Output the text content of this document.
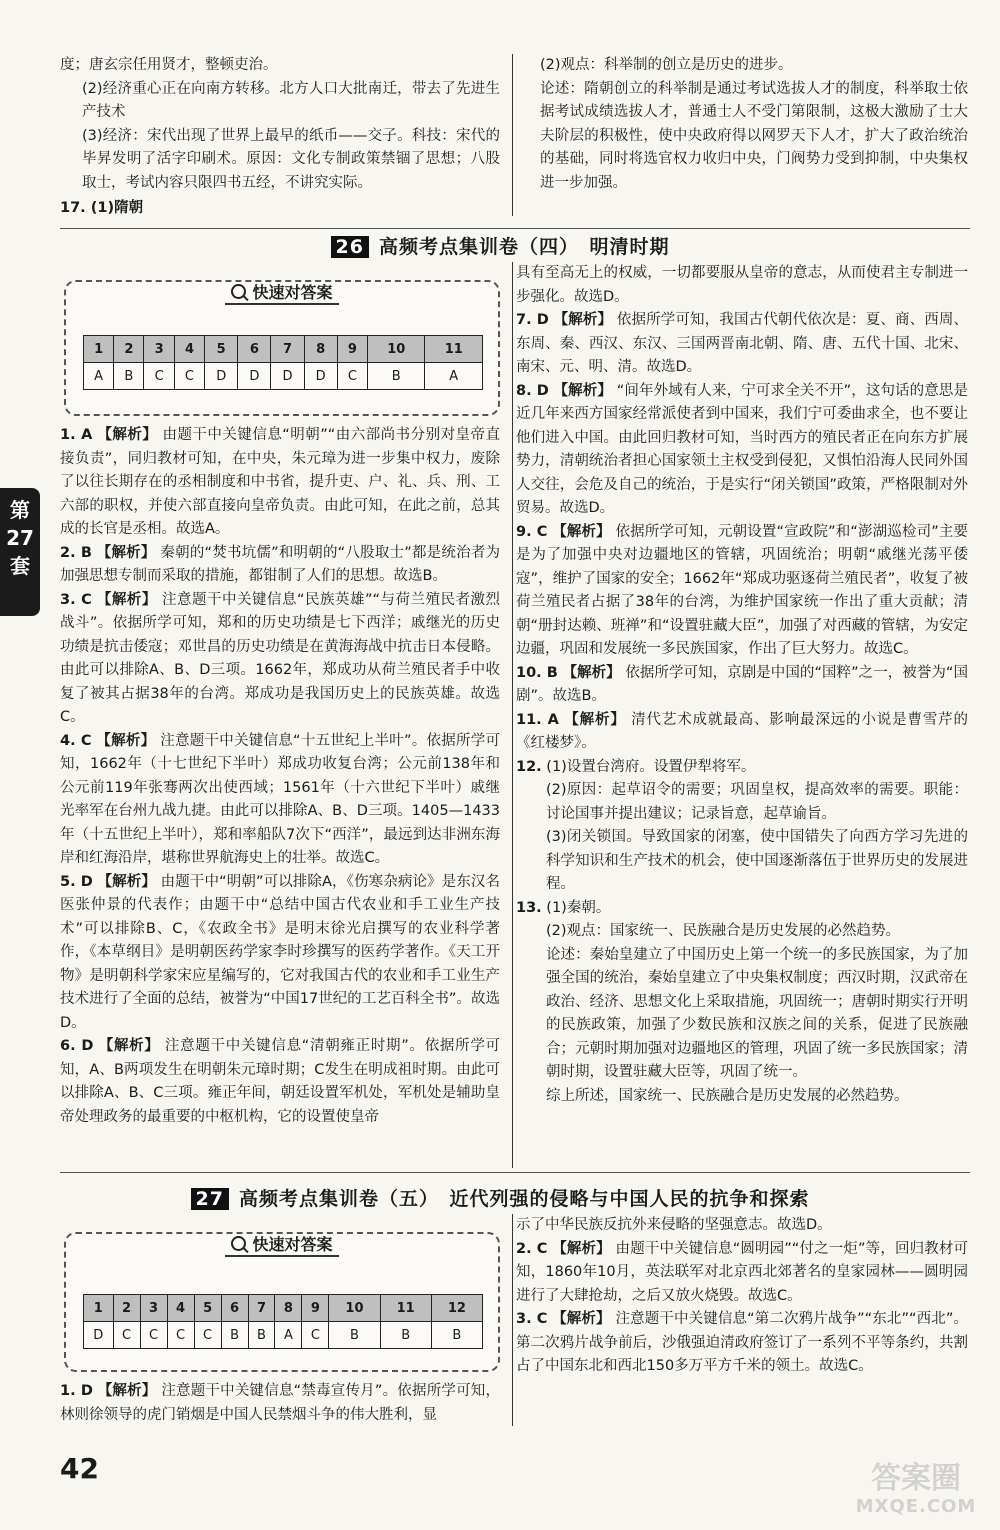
度；唐玄宗任用贤才，整顿吏治。

(2)经济重心正在向南方转移。北方人口大批南迁，带去了先进生产技术

(3)经济：宋代出现了世界上最早的纸币——交子。科技：宋代的毕昇发明了活字印刷术。原因：文化专制政策禁锢了思想；八股取士，考试内容只限四书五经，不讲究实际。

17. (1)隋朝

(2)观点：科举制的创立是历史的进步。

论述：隋朝创立的科举制是通过考试选拔人才的制度，科举取士依据考试成绩选拔人才，普通士人不受门第限制，这极大激励了士大夫阶层的积极性，使中央政府得以网罗天下人才，扩大了政治统治的基础，同时将选官权力收归中央，门阀势力受到抑制，中央集权进一步加强。

26 高频考点集训卷（四）　明清时期
快速对答案
1	2	3	4	5	6	7	8	9	10	11
A	B	C	C	D	D	D	D	C	B	A

1. A 【解析】 由题干中关键信息“明朝”“由六部尚书分别对皇帝直接负责”，同归教材可知，在中央，朱元璋为进一步集中权力，废除了以往长期存在的丞相制度和中书省，提升吏、户、礼、兵、刑、工六部的职权，并使六部直接向皇帝负责。由此可知，在此之前，总其成的长官是丞相。故选A。

2. B 【解析】 秦朝的“焚书坑儒”和明朝的“八股取士”都是统治者为加强思想专制而采取的措施，都钳制了人们的思想。故选B。

3. C 【解析】 注意题干中关键信息“民族英雄”“与荷兰殖民者激烈战斗”。依据所学可知，郑和的历史功绩是七下西洋；戚继光的历史功绩是抗击倭寇；邓世昌的历史功绩是在黄海海战中抗击日本侵略。由此可以排除A、B、D三项。1662年，郑成功从荷兰殖民者手中收复了被其占据38年的台湾。郑成功是我国历史上的民族英雄。故选C。

4. C 【解析】 注意题干中关键信息“十五世纪上半叶”。依据所学可知，1662年（十七世纪下半叶）郑成功收复台湾；公元前138年和公元前119年张骞两次出使西域；1561年（十六世纪下半叶）戚继光率军在台州九战九捷。由此可以排除A、B、D三项。1405—1433年（十五世纪上半叶），郑和率船队7次下“西洋”，最远到达非洲东海岸和红海沿岸，堪称世界航海史上的壮举。故选C。

5. D 【解析】 由题干中“明朝”可以排除A，《伤寒杂病论》是东汉名医张仲景的代表作；由题干中“总结中国古代农业和手工业生产技术”可以排除B、C，《农政全书》是明末徐光启撰写的农业科学著作，《本草纲目》是明朝医药学家李时珍撰写的医药学著作。《天工开物》是明朝科学家宋应星编写的，它对我国古代的农业和手工业生产技术进行了全面的总结，被誉为“中国17世纪的工艺百科全书”。故选D。

6. D 【解析】 注意题干中关键信息“清朝雍正时期”。依据所学可知，A、B两项发生在明朝朱元璋时期；C发生在明成祖时期。由此可以排除A、B、C三项。雍正年间，朝廷设置军机处，军机处是辅助皇帝处理政务的最重要的中枢机构，它的设置使皇帝

具有至高无上的权威，一切都要服从皇帝的意志，从而使君主专制进一步强化。故选D。

7. D 【解析】 依据所学可知，我国古代朝代依次是：夏、商、西周、东周、秦、西汉、东汉、三国两晋南北朝、隋、唐、五代十国、北宋、南宋、元、明、清。故选D。

8. D 【解析】 “间年外域有人来，宁可求全关不开”，这句话的意思是近几年来西方国家经常派使者到中国来，我们宁可委曲求全，也不要让他们进入中国。由此回归教材可知，当时西方的殖民者正在向东方扩展势力，清朝统治者担心国家领土主权受到侵犯，又惧怕沿海人民同外国人交往，会危及自己的统治，于是实行“闭关锁国”政策，严格限制对外贸易。故选D。

9. C 【解析】 依据所学可知，元朝设置“宣政院”和“澎湖巡检司”主要是为了加强中央对边疆地区的管辖，巩固统治；明朝“戚继光荡平倭寇”，维护了国家的安全；1662年“郑成功驱逐荷兰殖民者”，收复了被荷兰殖民者占据了38年的台湾，为维护国家统一作出了重大贡献；清朝“册封达赖、班禅”和“设置驻藏大臣”，加强了对西藏的管辖，为安定边疆，巩固和发展统一多民族国家，作出了巨大努力。故选C。

10. B 【解析】 依据所学可知，京剧是中国的“国粹”之一，被誉为“国剧”。故选B。

11. A 【解析】 清代艺术成就最高、影响最深远的小说是曹雪芹的《红楼梦》。

12. (1)设置台湾府。设置伊犁将军。

(2)原因：起草诏令的需要；巩固皇权，提高效率的需要。职能：讨论国事并提出建议；记录旨意，起草谕旨。

(3)闭关锁国。导致国家的闭塞，使中国错失了向西方学习先进的科学知识和生产技术的机会，使中国逐渐落伍于世界历史的发展进程。

13. (1)秦朝。

(2)观点：国家统一、民族融合是历史发展的必然趋势。

论述：秦始皇建立了中国历史上第一个统一的多民族国家，为了加强全国的统治，秦始皇建立了中央集权制度；西汉时期，汉武帝在政治、经济、思想文化上采取措施，巩固统一；唐朝时期实行开明的民族政策，加强了少数民族和汉族之间的关系，促进了民族融合；元朝时期加强对边疆地区的管理，巩固了统一多民族国家；清朝时期，设置驻藏大臣等，巩固了统一。

综上所述，国家统一、民族融合是历史发展的必然趋势。

27 高频考点集训卷（五）　近代列强的侵略与中国人民的抗争和探索
快速对答案
1	2	3	4	5	6	7	8	9	10	11	12
D	C	C	C	C	B	B	A	C	B	B	B

1. D 【解析】 注意题干中关键信息“禁毒宣传月”。依据所学可知，林则徐领导的虎门销烟是中国人民禁烟斗争的伟大胜利，显

示了中华民族反抗外来侵略的坚强意志。故选D。

2. C 【解析】 由题干中关键信息“圆明园”“付之一炬”等，回归教材可知，1860年10月，英法联军对北京西北郊著名的皇家园林——圆明园进行了大肆抢劫，之后又放火烧毁。故选C。

3. C 【解析】 注意题干中关键信息“第二次鸦片战争”“东北”“西北”。第二次鸦片战争前后，沙俄强迫清政府签订了一系列不平等条约，共割占了中国东北和西北150多万平方千米的领土。故选C。

第
27
套
42	答案圈
MXQE.COM
